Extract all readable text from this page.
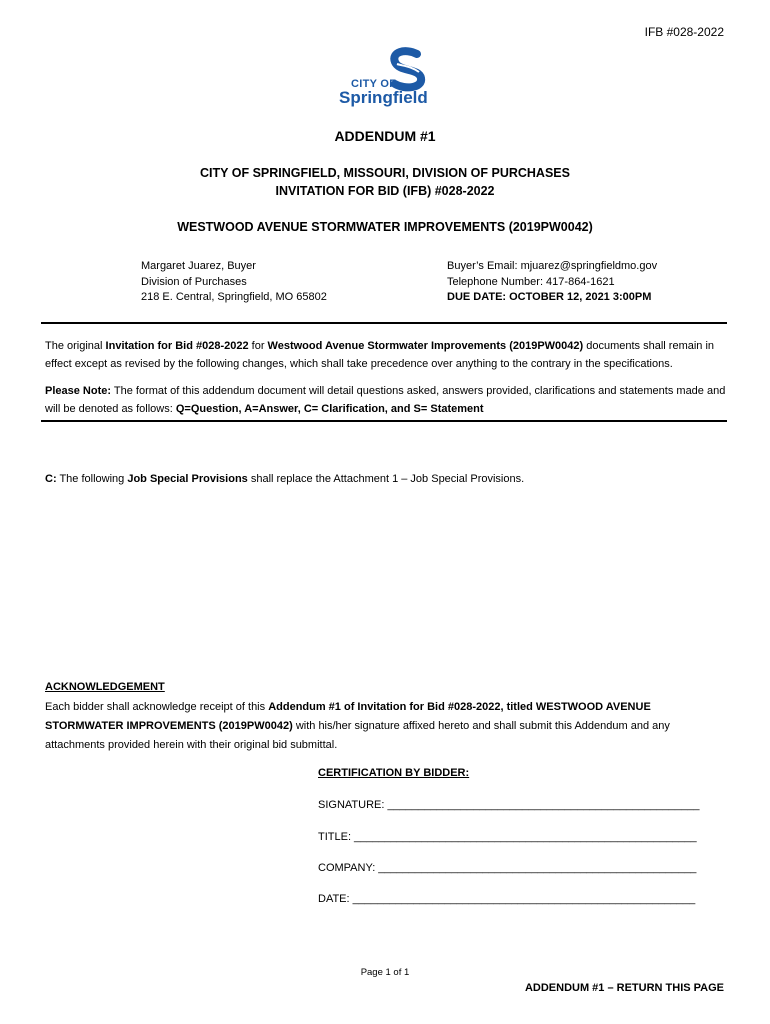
IFB #028-2022
CITY OF
Springfield
ADDENDUM #1
CITY OF SPRINGFIELD, MISSOURI, DIVISION OF PURCHASES
INVITATION FOR BID (IFB) #028-2022
WESTWOOD AVENUE STORMWATER IMPROVEMENTS (2019PW0042)
Margaret Juarez, Buyer
Division of Purchases
218 E. Central, Springfield, MO 65802
Buyer’s Email: mjuarez@springfieldmo.gov
Telephone Number: 417-864-1621
DUE DATE: OCTOBER 12, 2021 3:00PM
The original Invitation for Bid #028-2022 for Westwood Avenue Stormwater Improvements (2019PW0042) documents shall remain in effect except as revised by the following changes, which shall take precedence over anything to the contrary in the specifications.
Please Note: The format of this addendum document will detail questions asked, answers provided, clarifications and statements made and will be denoted as follows: Q=Question, A=Answer, C= Clarification, and S= Statement
C: The following Job Special Provisions shall replace the Attachment 1 – Job Special Provisions.
ACKNOWLEDGEMENT
Each bidder shall acknowledge receipt of this Addendum #1 of Invitation for Bid #028-2022, titled WESTWOOD AVENUE STORMWATER IMPROVEMENTS (2019PW0042) with his/her signature affixed hereto and shall submit this Addendum and any attachments provided herein with their original bid submittal.
CERTIFICATION BY BIDDER:
SIGNATURE: ___________________________________________________
TITLE: ________________________________________________________
COMPANY: ____________________________________________________
DATE: ________________________________________________________
Page 1 of 1
ADDENDUM #1 – RETURN THIS PAGE
